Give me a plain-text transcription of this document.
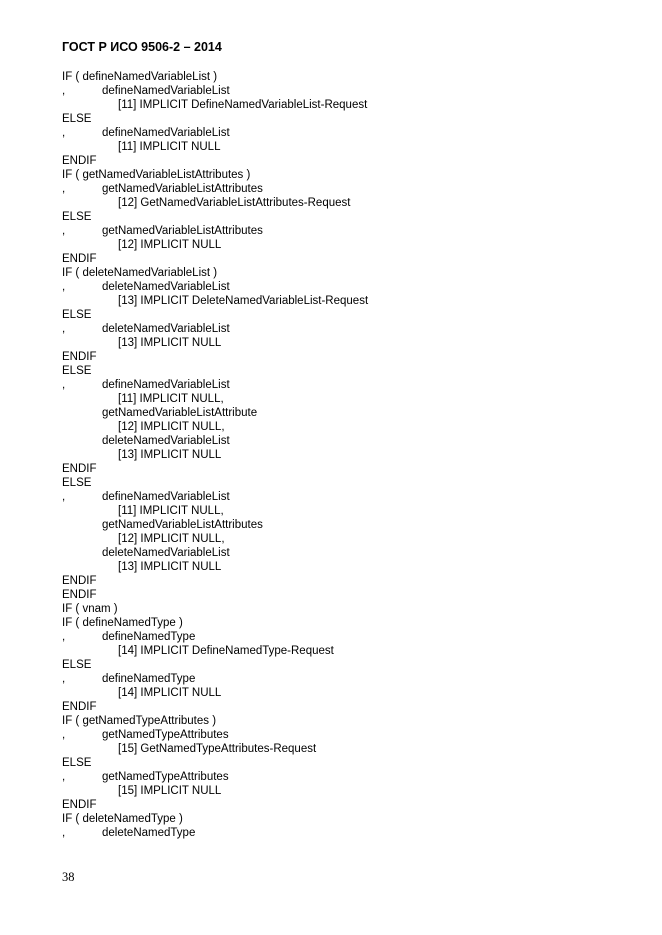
ГОСТ Р ИСО 9506-2 – 2014
IF ( defineNamedVariableList )
,	defineNamedVariableList
[11] IMPLICIT DefineNamedVariableList-Request
ELSE
,	defineNamedVariableList
[11] IMPLICIT NULL
ENDIF
IF ( getNamedVariableListAttributes )
,	getNamedVariableListAttributes
[12] GetNamedVariableListAttributes-Request
ELSE
,	getNamedVariableListAttributes
[12] IMPLICIT NULL
ENDIF
IF ( deleteNamedVariableList )
,	deleteNamedVariableList
[13] IMPLICIT DeleteNamedVariableList-Request
ELSE
,	deleteNamedVariableList
[13] IMPLICIT NULL
ENDIF
ELSE
,	defineNamedVariableList
[11] IMPLICIT NULL,
getNamedVariableListAttribute
[12] IMPLICIT NULL,
deleteNamedVariableList
[13] IMPLICIT NULL
ENDIF
ELSE
,	defineNamedVariableList
[11] IMPLICIT NULL,
getNamedVariableListAttributes
[12] IMPLICIT NULL,
deleteNamedVariableList
[13] IMPLICIT NULL
ENDIF
ENDIF
IF ( vnam )
IF ( defineNamedType )
,	defineNamedType
[14] IMPLICIT DefineNamedType-Request
ELSE
,	defineNamedType
[14] IMPLICIT NULL
ENDIF
IF ( getNamedTypeAttributes )
,	getNamedTypeAttributes
[15] GetNamedTypeAttributes-Request
ELSE
,	getNamedTypeAttributes
[15] IMPLICIT NULL
ENDIF
IF ( deleteNamedType )
,	deleteNamedType
38
